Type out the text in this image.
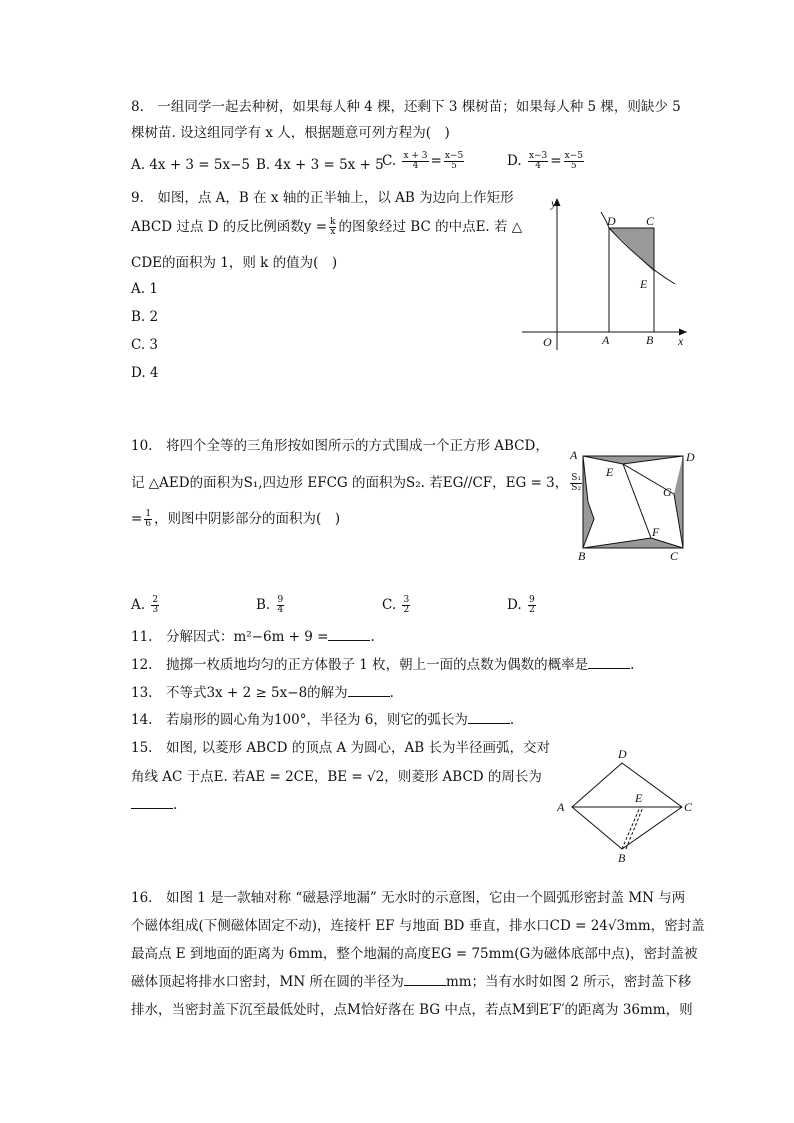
8.　一组同学一起去种树，如果每人种 4 棵，还剩下 3 棵树苗；如果每人种 5 棵，则缺少 5
棵树苗. 设这组同学有 x 人，根据题意可列方程为(　)
A. 4x + 3 = 5x−5 B. 4x + 3 = 5x + 5
C. $\frac{x + 3}{4} = \frac{x-5}{5}$	D. $\frac{x-3}{4} = \frac{x-5}{5}$
9.　如图，点 A，B 在 x 轴的正半轴上，以 AB 为边向上作矩形
ABCD 过点 D 的反比例函数$y = \frac{k}{x}$ 的图象经过 BC 的中点E. 若 △
CDE的面积为 1，则 k 的值为(　)
A. 1
B. 2
C. 3
D. 4
y
D	C
E
O	A	B x
10.　将四个全等的三角形按如图所示的方式围成一个正方形 ABCD，
记 △AED的面积为S₁,四边形 EFCG 的面积为S₂. 若EG//CF，EG = 3， $\frac{\text{S₁}}{\text{S₂}}$
= $\frac{1}{6}$ ，则图中阴影部分的面积为(　)
A	D
E
G
F
B	C
A. $\frac{2}{3}$	B. $\frac{9}{4}$	C. $\frac{3}{2}$	D. $\frac{9}{2}$
11.　分解因式：m²−6m + 9 =	.
12.　抛掷一枚质地均匀的正方体骰子 1 枚，朝上一面的点数为偶数的概率是	.
13.　不等式3x + 2 ≥ 5x−8的解为	.
14.　若扇形的圆心角为100°，半径为 6，则它的弧长为	.
15.　如图, 以菱形 ABCD 的顶点 A 为圆心，AB 长为半径画弧，交对
角线 AC 于点E. 若AE = 2CE，BE = √2，则菱形 ABCD 的周长为
.
D
A
E
C
B
16.　如图 1 是一款轴对称 “磁悬浮地漏” 无水时的示意图，它由一个圆弧形密封盖 MN 与两
个磁体组成(下侧磁体固定不动)，连接杆 EF 与地面 BD 垂直，排水口CD = 24√3mm，密封盖
最高点 E 到地面的距离为 6mm，整个地漏的高度EG = 75mm(G为磁体底部中点)，密封盖被
磁体顶起将排水口密封，MN 所在圆的半径为	mm；当有水时如图 2 所示，密封盖下移
排水，当密封盖下沉至最低处时，点M恰好落在 BG 中点，若点M到E′F′的距离为 36mm，则
